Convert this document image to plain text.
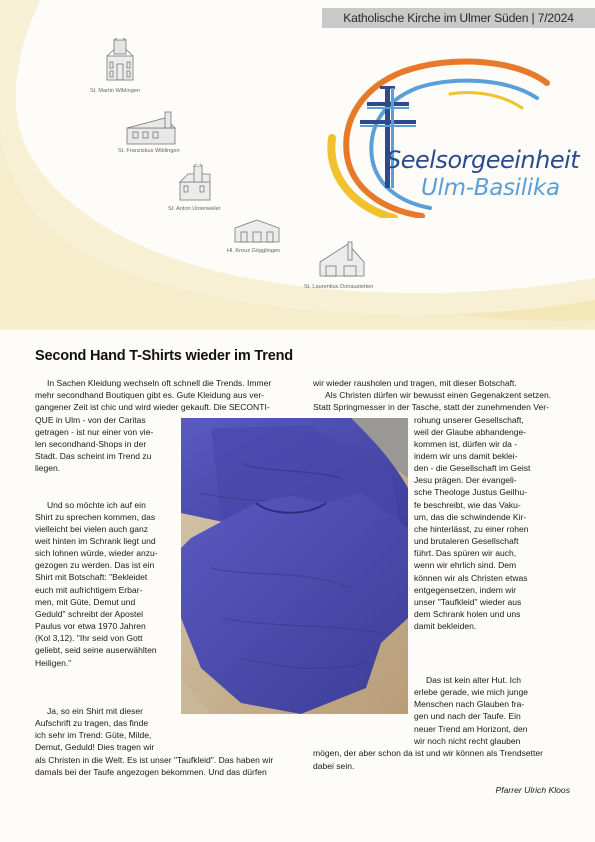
Katholische Kirche im Ulmer Süden | 7/2024
St. Martin Wiblingen
St. Franziskus Wiblingen
St. Anton Unterweiler
Hl. Kreuz Gögglingen
St. Laurentius Donaustetten
Seelsorgeeinheit
Ulm-Basilika
Second Hand T-Shirts wieder im Trend

In Sachen Kleidung wechseln oft schnell die Trends. Immer

mehr secondhand Boutiquen gibt es. Gute Kleidung aus ver-

gangener Zeit ist chic und wird wieder gekauft. Die SECONTI-

QUE in Ulm - von der Caritas

getragen - ist nur einer von vie-

len secondhand-Shops in der

Stadt. Das scheint im Trend zu

liegen.

Und so möchte ich auf ein

Shirt zu sprechen kommen, das

vielleicht bei vielen auch ganz

weit hinten im Schrank liegt und

sich lohnen würde, wieder anzu-

gezogen zu werden. Das ist ein

Shirt mit Botschaft: "Bekleidet

euch mit aufrichtigem Erbar-

men, mit Güte, Demut und

Geduld" schreibt der Apostel

Paulus vor etwa 1970 Jahren

(Kol 3,12). "Ihr seid von Gott

geliebt, seid seine auserwählten

Heiligen."

Ja, so ein Shirt mit dieser

Aufschrift zu tragen, das finde

ich sehr im Trend: Güte, Milde,

Demut, Geduld! Dies tragen wir

als Christen in die Welt. Es ist unser "Taufkleid". Das haben wir

damals bei der Taufe angezogen bekommen. Und das dürfen

wir wieder rausholen und tragen, mit dieser Botschaft.

Als Christen dürfen wir bewusst einen Gegenakzent setzen.

Statt Springmesser in der Tasche, statt der zunehmenden Ver-

rohung unserer Gesellschaft,

weil der Glaube abhandenge-

kommen ist, dürfen wir da -

indem wir uns damit beklei-

den - die Gesellschaft im Geist

Jesu prägen. Der evangeli-

sche Theologe Justus Geilhu-

fe beschreibt, wie das Vaku-

um, das die schwindende Kir-

che hinterlässt, zu einer rohen

und brutaleren Gesellschaft

führt. Das spüren wir auch,

wenn wir ehrlich sind. Dem

können wir als Christen etwas

entgegensetzen, indem wir

unser "Taufkleid" wieder aus

dem Schrank holen und uns

damit bekleiden.

Das ist kein alter Hut. Ich

erlebe gerade, wie mich junge

Menschen nach Glauben fra-

gen und nach der Taufe. Ein

neuer Trend am Horizont, den

wir noch nicht recht glauben

mögen, der aber schon da ist und wir können als Trendsetter

dabei sein.

Pfarrer Ulrich Kloos
